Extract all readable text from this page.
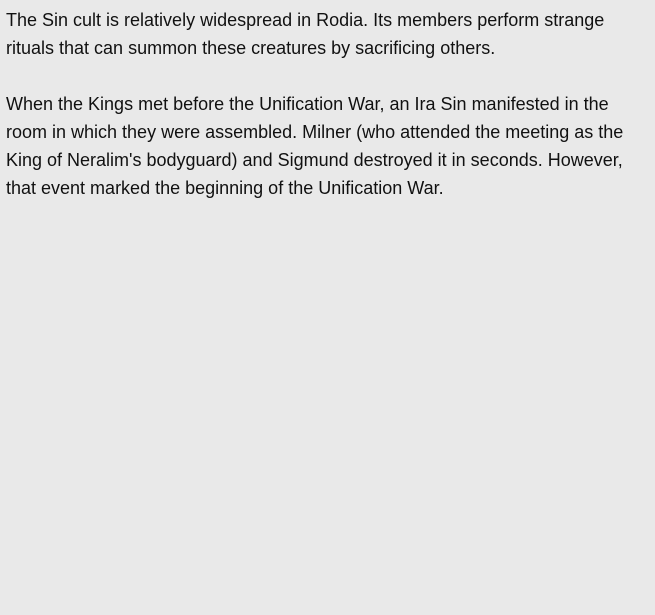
The Sin cult is relatively widespread in Rodia. Its members perform strange rituals that can summon these creatures by sacrificing others.

When the Kings met before the Unification War, an Ira Sin manifested in the room in which they were assembled. Milner (who attended the meeting as the King of Neralim's bodyguard) and Sigmund destroyed it in seconds. However, that event marked the beginning of the Unification War.
